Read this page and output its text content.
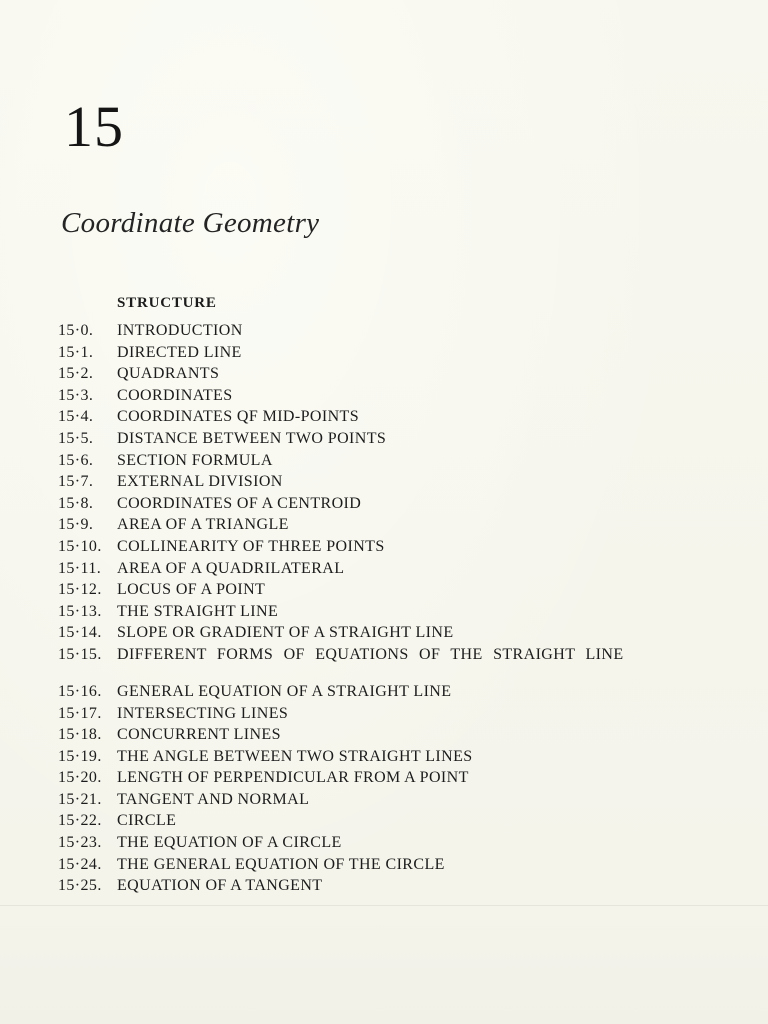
15
Coordinate Geometry
STRUCTURE
15·0.	INTRODUCTION
15·1.	DIRECTED LINE
15·2.	QUADRANTS
15·3.	COORDINATES
15·4.	COORDINATES QF MID-POINTS
15·5.	DISTANCE BETWEEN TWO POINTS
15·6.	SECTION FORMULA
15·7.	EXTERNAL DIVISION
15·8.	COORDINATES OF A CENTROID
15·9.	AREA OF A TRIANGLE
15·10. COLLINEARITY OF THREE POINTS
15·11. AREA OF A QUADRILATERAL
15·12. LOCUS OF A POINT
15·13. THE STRAIGHT LINE
15·14. SLOPE OR GRADIENT OF A STRAIGHT LINE
15·15. DIFFERENT FORMS OF EQUATIONS OF THE STRAIGHT LINE
15·16. GENERAL EQUATION OF A STRAIGHT LINE
15·17. INTERSECTING LINES
15·18. CONCURRENT LINES
15·19. THE ANGLE BETWEEN TWO STRAIGHT LINES
15·20. LENGTH OF PERPENDICULAR FROM A POINT
15·21. TANGENT AND NORMAL
15·22. CIRCLE
15·23. THE EQUATION OF A CIRCLE
15·24. THE GENERAL EQUATION OF THE CIRCLE
15·25. EQUATION OF A TANGENT
